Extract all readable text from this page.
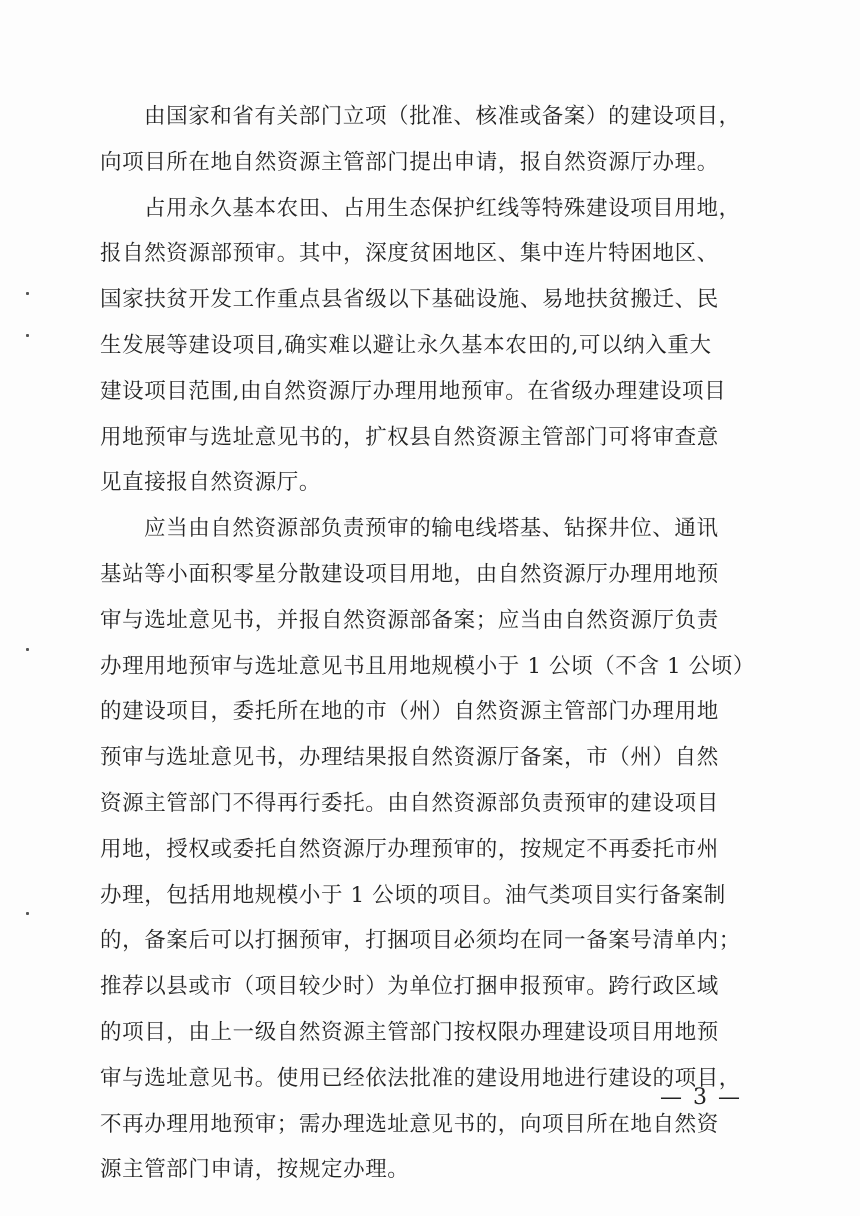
由国家和省有关部门立项（批准、核准或备案）的建设项目，
向项目所在地自然资源主管部门提出申请，报自然资源厅办理。

占用永久基本农田、占用生态保护红线等特殊建设项目用地，
报自然资源部预审。其中，深度贫困地区、集中连片特困地区、
国家扶贫开发工作重点县省级以下基础设施、易地扶贫搬迁、民
生发展等建设项目,确实难以避让永久基本农田的,可以纳入重大
建设项目范围,由自然资源厅办理用地预审。在省级办理建设项目
用地预审与选址意见书的，扩权县自然资源主管部门可将审查意
见直接报自然资源厅。

应当由自然资源部负责预审的输电线塔基、钻探井位、通讯
基站等小面积零星分散建设项目用地，由自然资源厅办理用地预
审与选址意见书，并报自然资源部备案；应当由自然资源厅负责
办理用地预审与选址意见书且用地规模小于 1 公顷（不含 1 公顷）
的建设项目，委托所在地的市（州）自然资源主管部门办理用地
预审与选址意见书，办理结果报自然资源厅备案，市（州）自然
资源主管部门不得再行委托。由自然资源部负责预审的建设项目
用地，授权或委托自然资源厅办理预审的，按规定不再委托市州
办理，包括用地规模小于 1 公顷的项目。油气类项目实行备案制
的，备案后可以打捆预审，打捆项目必须均在同一备案号清单内；
推荐以县或市（项目较少时）为单位打捆申报预审。跨行政区域
的项目，由上一级自然资源主管部门按权限办理建设项目用地预
审与选址意见书。使用已经依法批准的建设用地进行建设的项目，
不再办理用地预审；需办理选址意见书的，向项目所在地自然资
源主管部门申请，按规定办理。

— 3 —
